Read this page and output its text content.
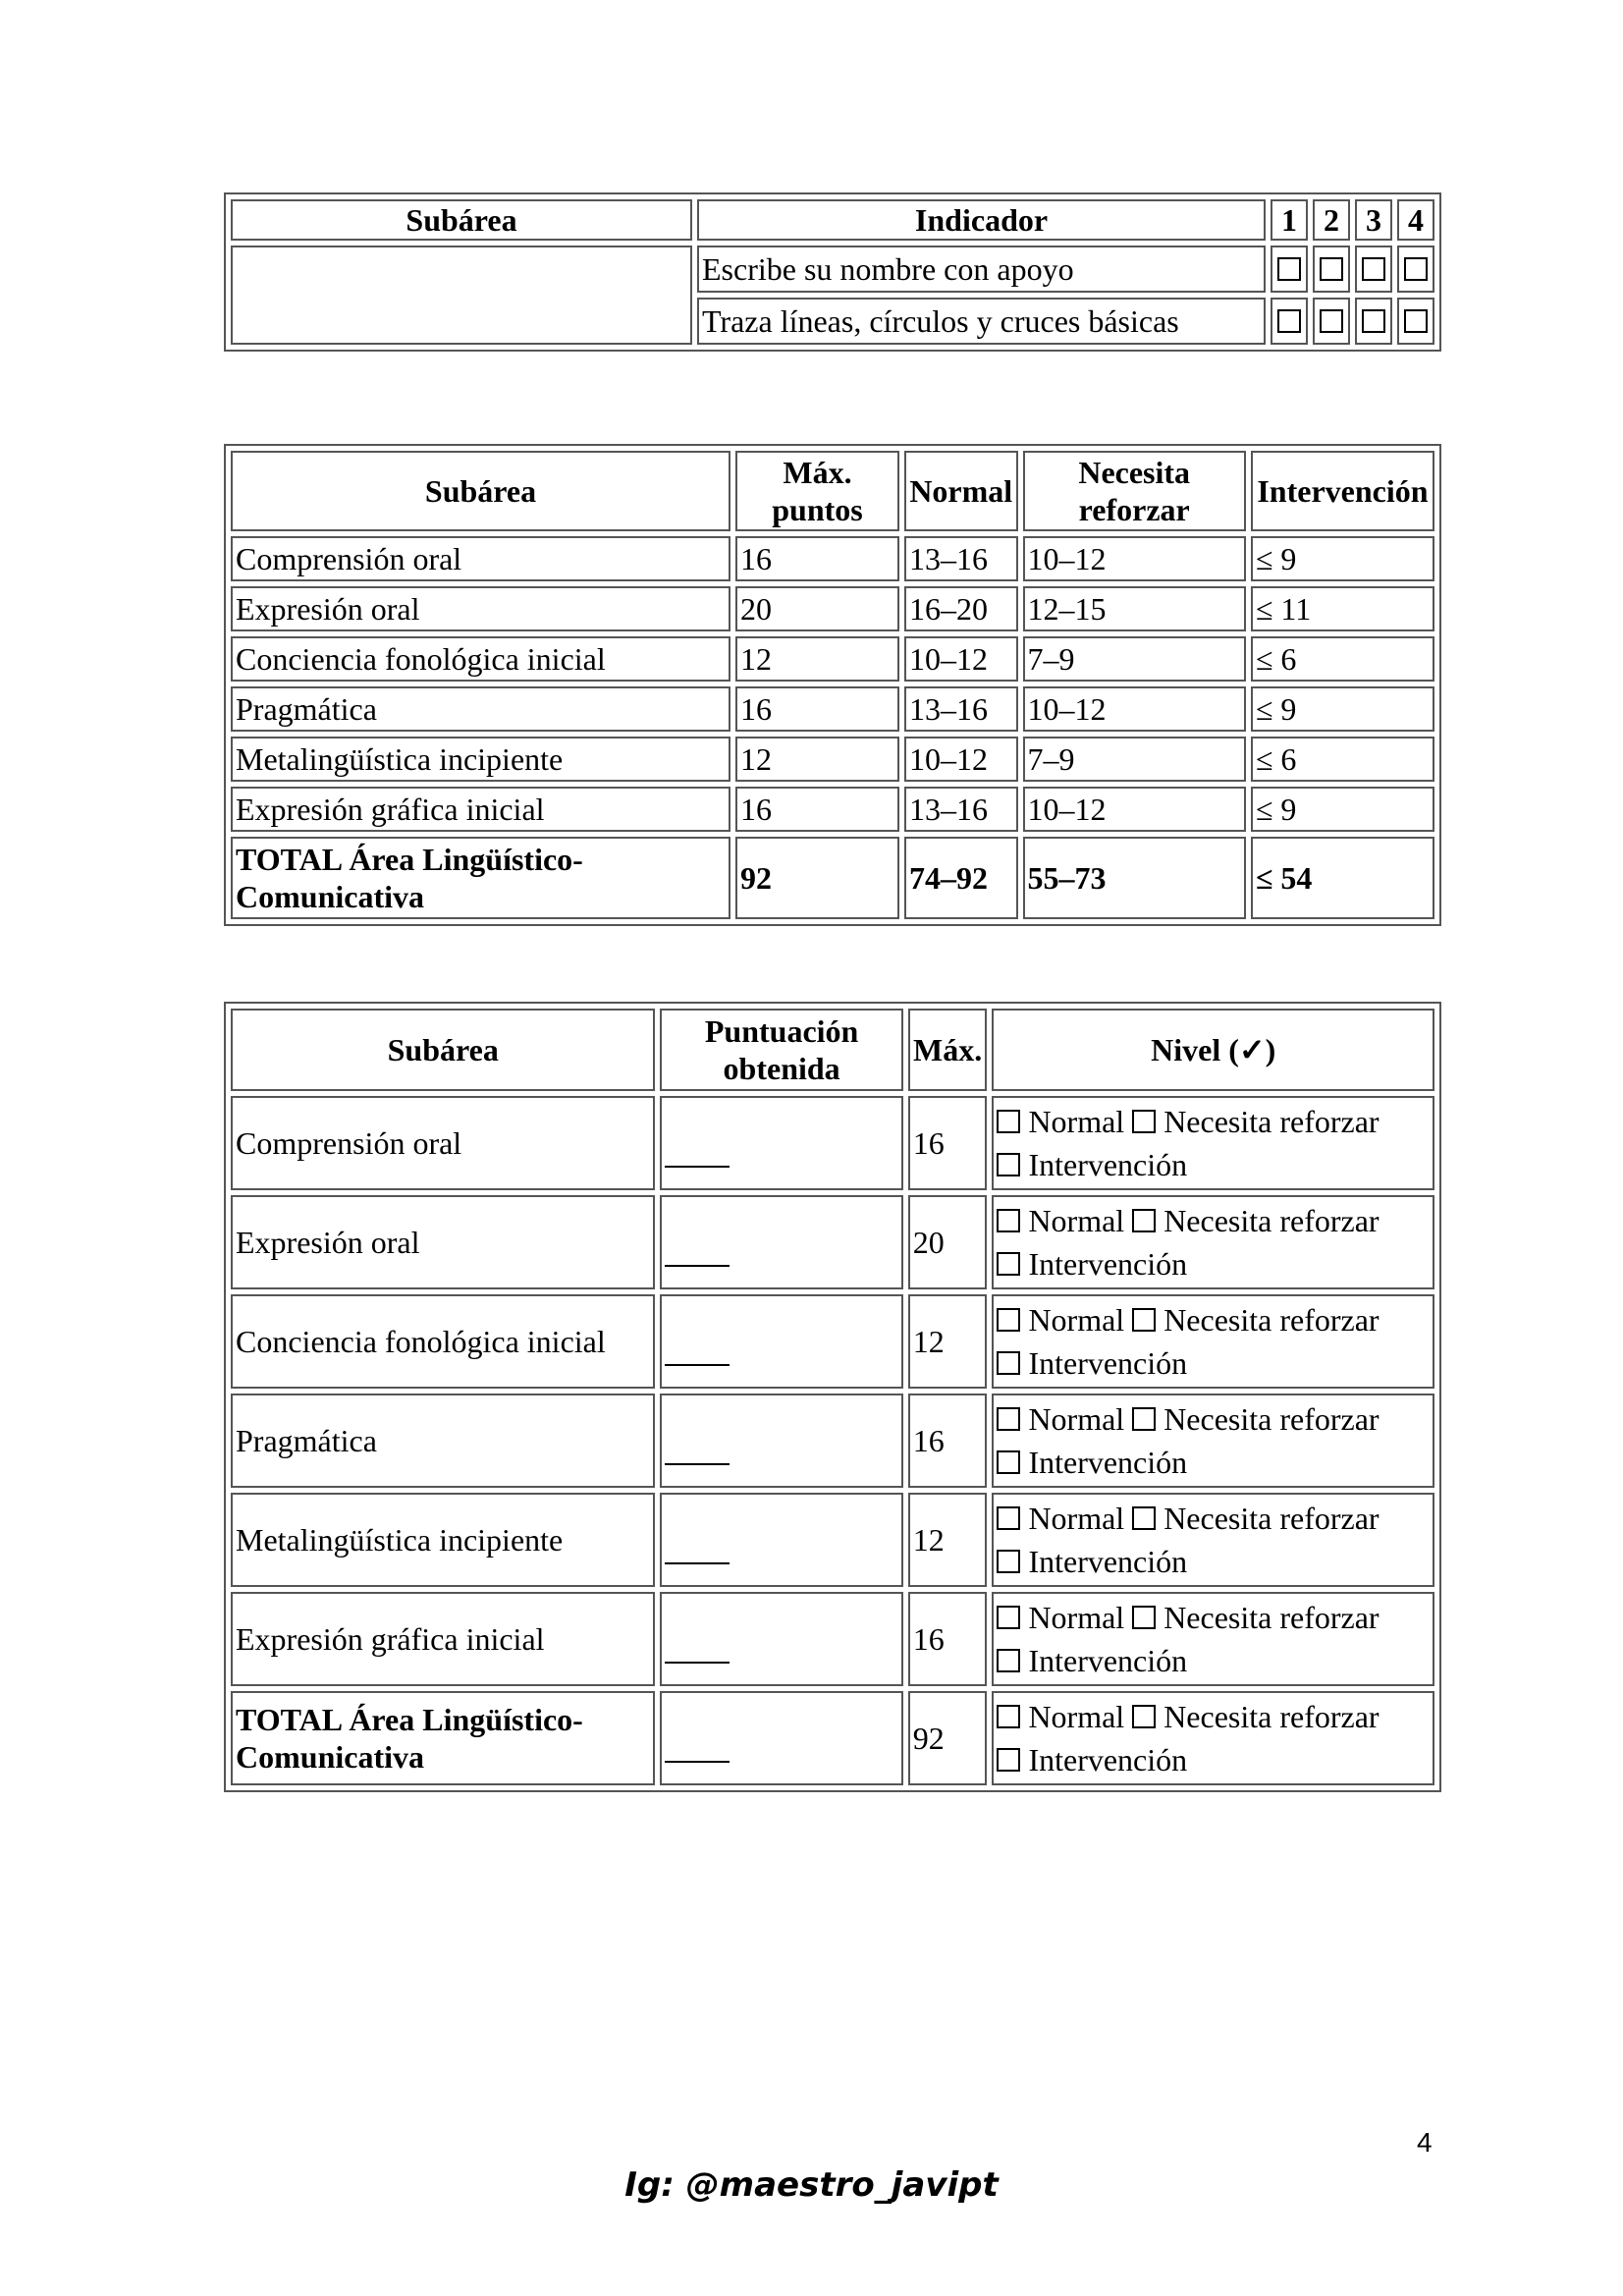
Subárea	Indicador	1	2	3	4
	Escribe su nombre con apoyo				
	Traza líneas, círculos y cruces básicas				
Subárea	Máx. puntos	Normal	Necesita reforzar	Intervención
Comprensión oral	16	13–16	10–12	≤ 9
Expresión oral	20	16–20	12–15	≤ 11
Conciencia fonológica inicial	12	10–12	7–9	≤ 6
Pragmática	16	13–16	10–12	≤ 9
Metalingüística incipiente	12	10–12	7–9	≤ 6
Expresión gráfica inicial	16	13–16	10–12	≤ 9
TOTAL Área Lingüístico-Comunicativa	92	74–92	55–73	≤ 54
Subárea	Puntuación obtenida	Máx.	Nivel (✓)
Comprensión oral		16	Normal Necesita reforzar
Intervención

Expresión oral		20	Normal Necesita reforzar
Intervención

Conciencia fonológica inicial		12	Normal Necesita reforzar
Intervención

Pragmática		16	Normal Necesita reforzar
Intervención

Metalingüística incipiente		12	Normal Necesita reforzar
Intervención

Expresión gráfica inicial		16	Normal Necesita reforzar
Intervención

TOTAL Área Lingüístico-Comunicativa		92	Normal Necesita reforzar
Intervención
4
Ig: @maestro_javipt
